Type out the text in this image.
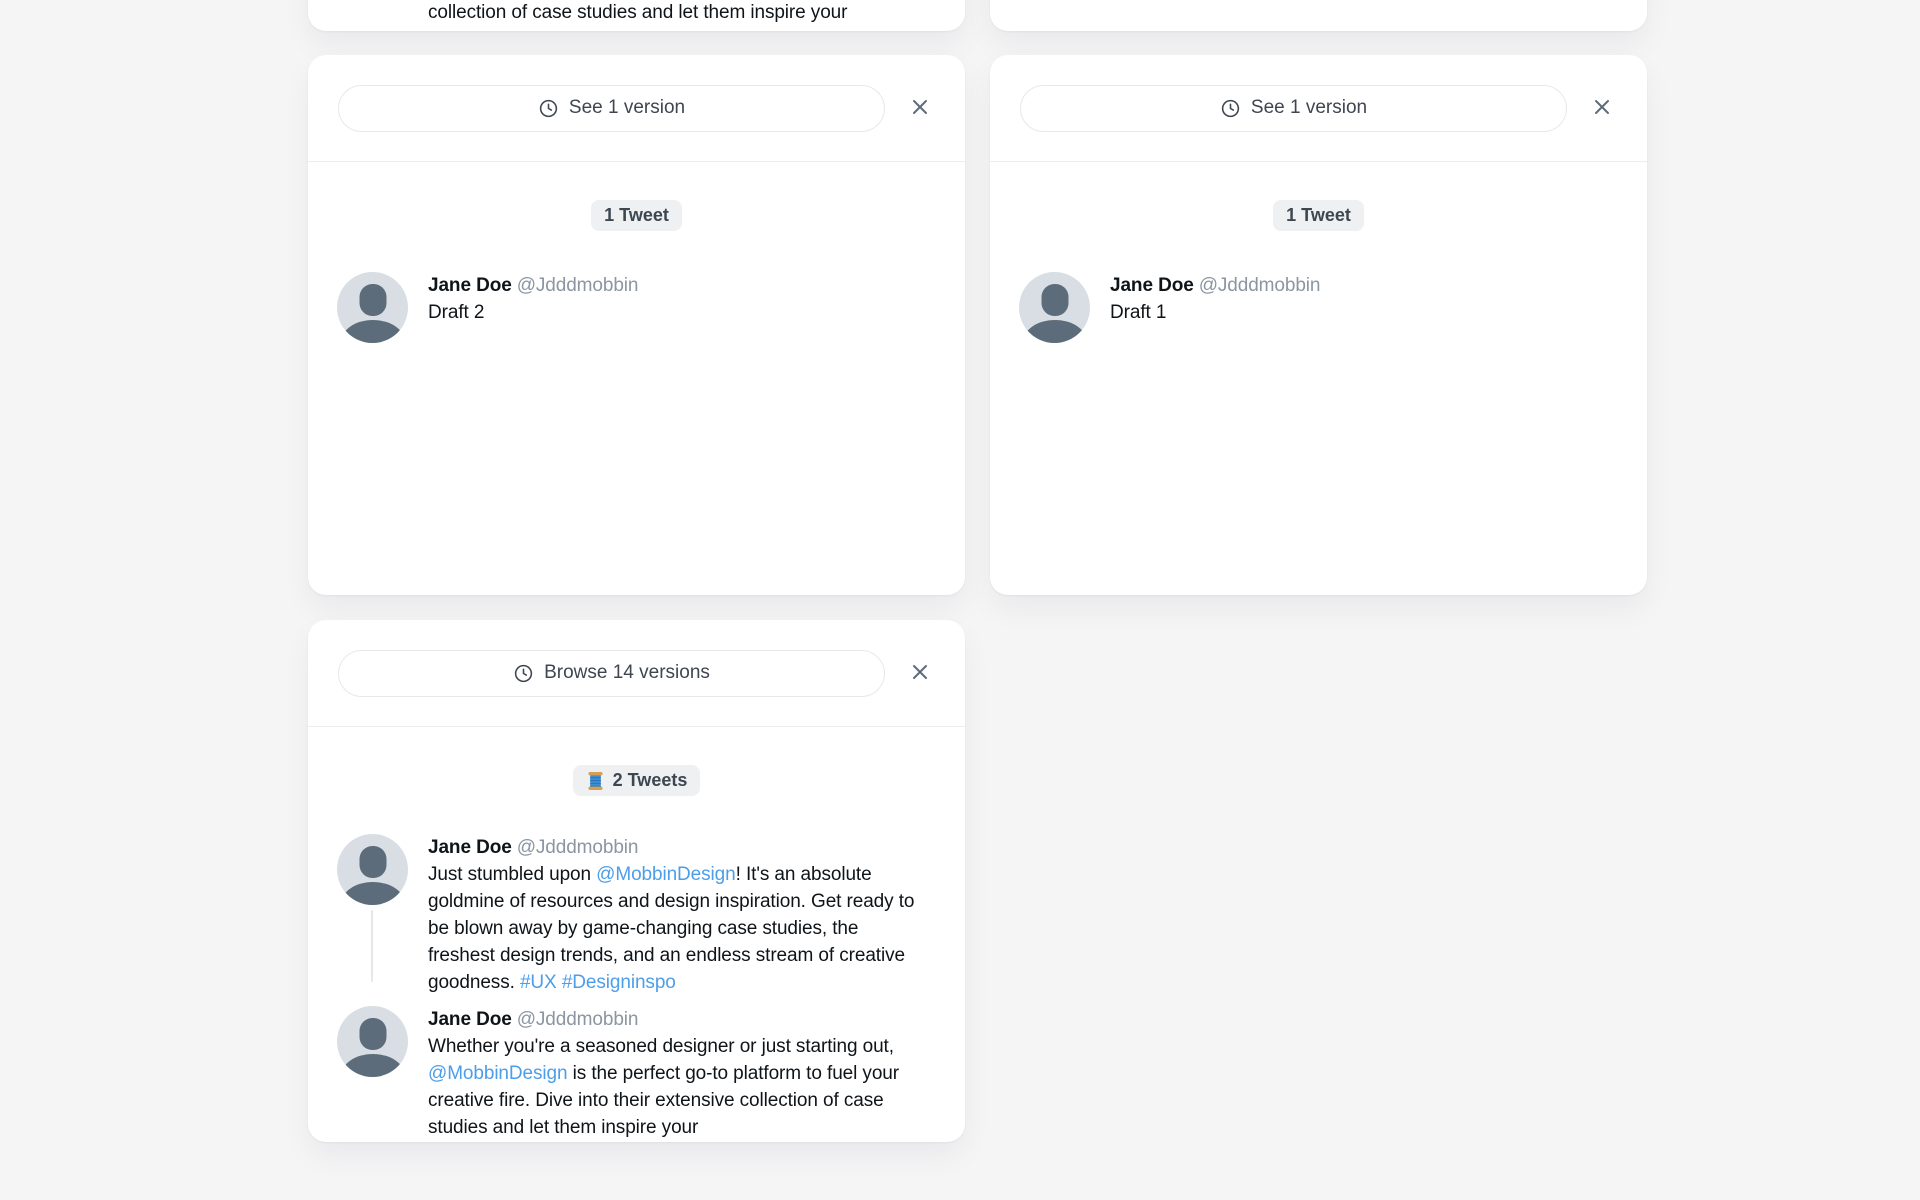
collection of case studies and let them inspire your
See 1 version
1 Tweet
Jane Doe @Jdddmobbin
Draft 2
See 1 version
1 Tweet
Jane Doe @Jdddmobbin
Draft 1
Browse 14 versions
2 Tweets
Jane Doe @Jdddmobbin
Just stumbled upon @MobbinDesign! It's an absolute goldmine of resources and design inspiration. Get ready to be blown away by game-changing case studies, the freshest design trends, and an endless stream of creative goodness. #UX #Designinspo
Jane Doe @Jdddmobbin
Whether you're a seasoned designer or just starting out, @MobbinDesign is the perfect go-to platform to fuel your creative fire. Dive into their extensive collection of case studies and let them inspire your
